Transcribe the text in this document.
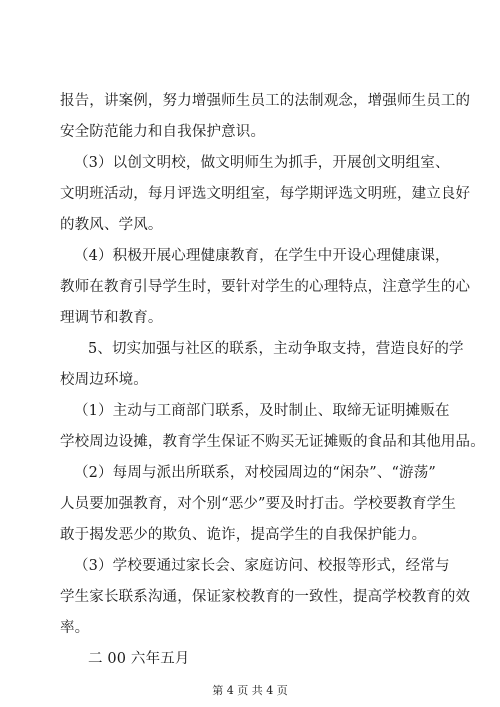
报告，讲案例，努力增强师生员工的法制观念，增强师生员工的
安全防范能力和自我保护意识。
（3）以创文明校，做文明师生为抓手，开展创文明组室、
文明班活动，每月评选文明组室，每学期评选文明班，建立良好
的教风、学风。
（4）积极开展心理健康教育，在学生中开设心理健康课，
教师在教育引导学生时，要针对学生的心理特点，注意学生的心
理调节和教育。
5、切实加强与社区的联系，主动争取支持，营造良好的学
校周边环境。
（1）主动与工商部门联系，及时制止、取缔无证明摊贩在
学校周边设摊，教育学生保证不购买无证摊贩的食品和其他用品。
（2）每周与派出所联系，对校园周边的“闲杂”、“游荡”
人员要加强教育，对个别“恶少”要及时打击。学校要教育学生
敢于揭发恶少的欺负、诡诈，提高学生的自我保护能力。
（3）学校要通过家长会、家庭访问、校报等形式，经常与
学生家长联系沟通，保证家校教育的一致性，提高学校教育的效
率。
二 00 六年五月
第 4 页 共 4 页
